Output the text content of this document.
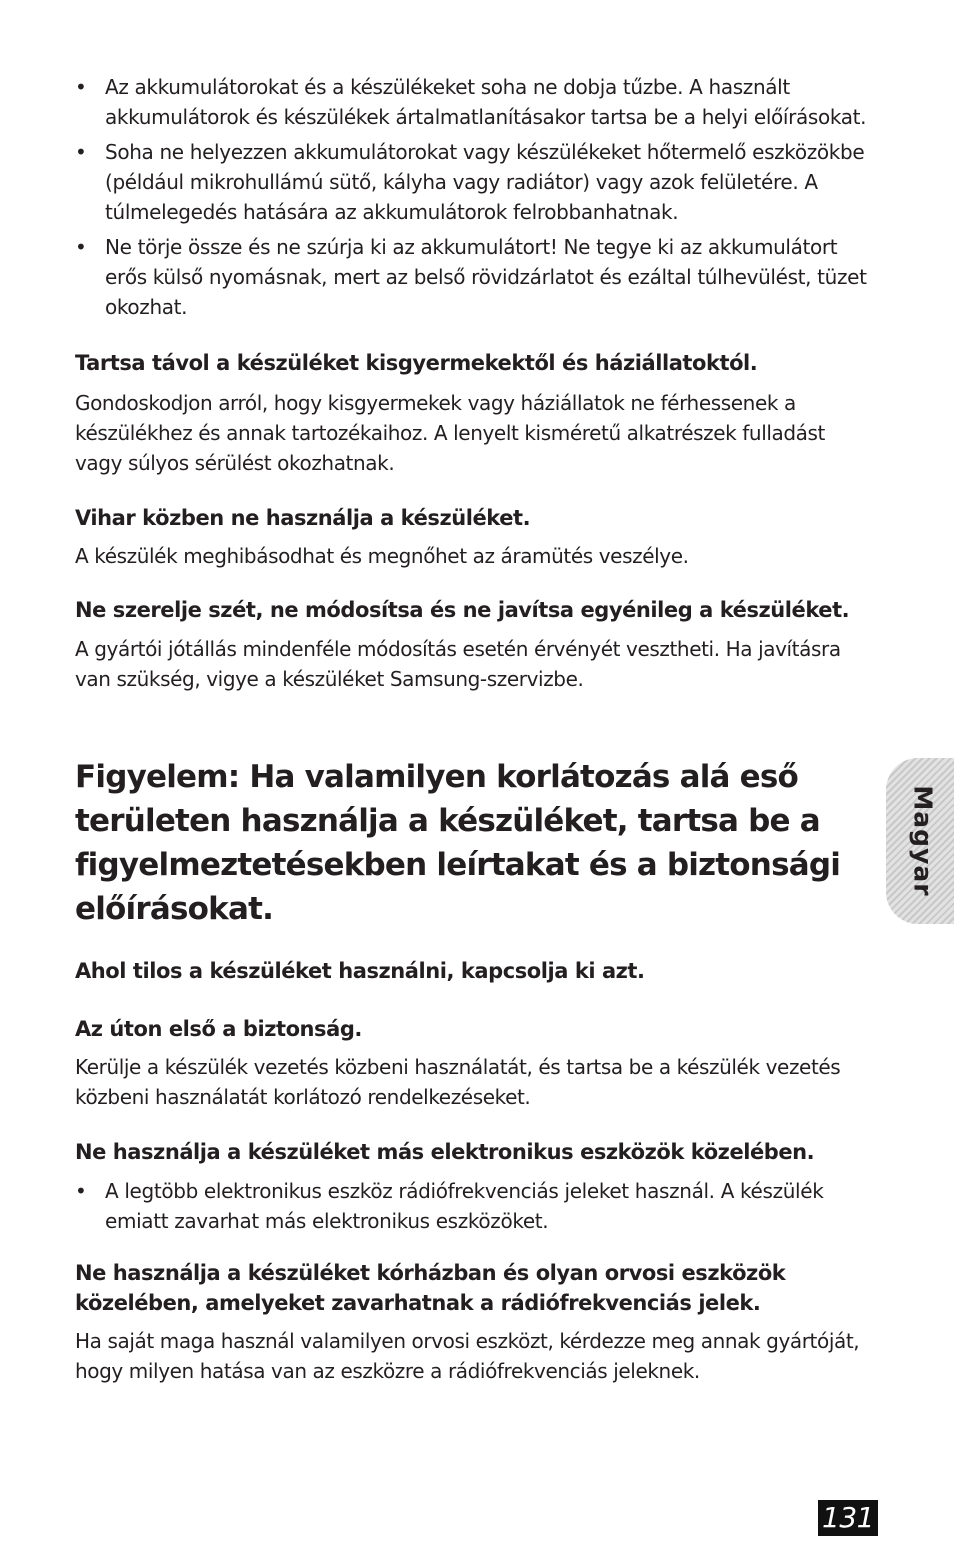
• Az akkumulátorokat és a készülékeket soha ne dobja tűzbe. A használt akkumulátorok és készülékek ártalmatlanításakor tartsa be a helyi előírásokat.
• Soha ne helyezzen akkumulátorokat vagy készülékeket hőtermelő eszközökbe (például mikrohullámú sütő, kályha vagy radiátor) vagy azok felületére. A túlmelegedés hatására az akkumulátorok felrobbanhatnak.
• Ne törje össze és ne szúrja ki az akkumulátort! Ne tegye ki az akkumulátort erős külső nyomásnak, mert az belső rövidzárlatot és ezáltal túlhevülést, tüzet okozhat.

Tartsa távol a készüléket kisgyermekektől és háziállatoktól.

Gondoskodjon arról, hogy kisgyermekek vagy háziállatok ne férhessenek a készülékhez és annak tartozékaihoz. A lenyelt kisméretű alkatrészek fulladást vagy súlyos sérülést okozhatnak.

Vihar közben ne használja a készüléket.

A készülék meghibásodhat és megnőhet az áramütés veszélye.

Ne szerelje szét, ne módosítsa és ne javítsa egyénileg a készüléket.

A gyártói jótállás mindenféle módosítás esetén érvényét vesztheti. Ha javításra van szükség, vigye a készüléket Samsung-szervizbe.

Figyelem: Ha valamilyen korlátozás alá eső területen használja a készüléket, tartsa be a figyelmeztetésekben leírtakat és a biztonsági előírásokat.

Ahol tilos a készüléket használni, kapcsolja ki azt.

Az úton első a biztonság.

Kerülje a készülék vezetés közbeni használatát, és tartsa be a készülék vezetés közbeni használatát korlátozó rendelkezéseket.

Ne használja a készüléket más elektronikus eszközök közelében.

• A legtöbb elektronikus eszköz rádiófrekvenciás jeleket használ. A készülék emiatt zavarhat más elektronikus eszközöket.

Ne használja a készüléket kórházban és olyan orvosi eszközök közelében, amelyeket zavarhatnak a rádiófrekvenciás jelek.

Ha saját maga használ valamilyen orvosi eszközt, kérdezze meg annak gyártóját, hogy milyen hatása van az eszközre a rádiófrekvenciás jeleknek.

Magyar
131
